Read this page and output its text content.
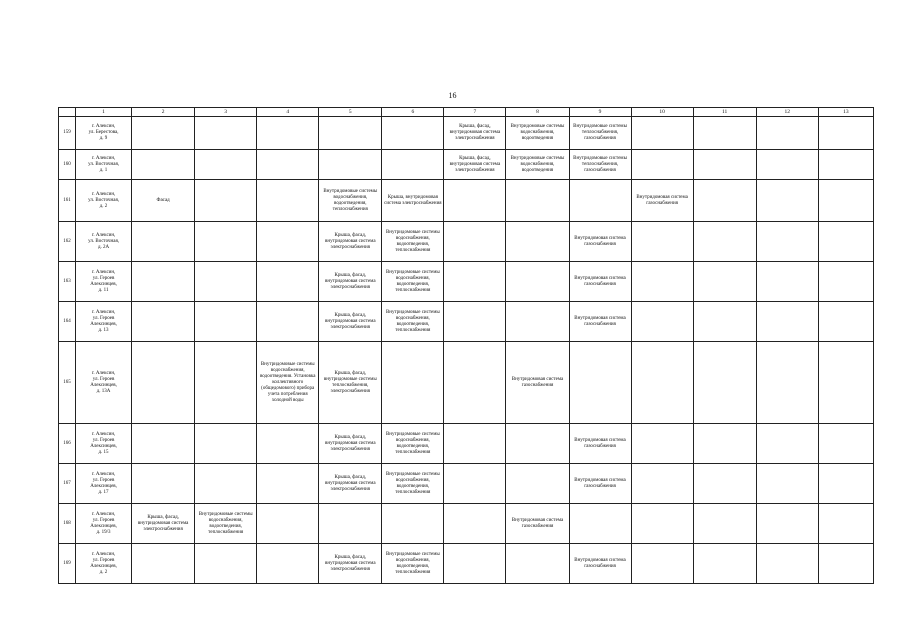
16
	1	2	3	4	5	6	7	8	9	10	11	12	13
159	г. Алексин,
ул. Берестова,
д. 9						Крыша, фасад, внутридомовая система электроснабжения	Внутридомовые системы водоснабжения, водоотведения	Внутридомовые системы теплоснабжения, газоснабжения				
160	г. Алексин,
ул. Восточная,
д. 1						Крыша, фасад, внутридомовая система электроснабжения	Внутридомовые системы водоснабжения, водоотведения	Внутридомовые системы теплоснабжения, газоснабжения				
161	г. Алексин,
ул. Восточная,
д. 2	Фасад			Внутридомовые системы водоснабжения, водоотведения, теплоснабжения	Крыша, внутридомовая система электроснабжения				Внутридомовая система газоснабжения			
162	г. Алексин,
ул. Восточная,
д. 2А				Крыша, фасад, внутридомовая система электроснабжения	Внутридомовые системы водоснабжения, водоотведения, теплоснабжения			Внутридомовая система газоснабжения				
163	г. Алексин,
ул. Героев
Алексинцев,
д. 11				Крыша, фасад, внутридомовая система электроснабжения	Внутридомовые системы водоснабжения, водоотведения, теплоснабжения			Внутридомовая система газоснабжения				
164	г. Алексин,
ул. Героев
Алексинцев,
д. 13				Крыша, фасад, внутридомовая система электроснабжения	Внутридомовые системы водоснабжения, водоотведения, теплоснабжения			Внутридомовая система газоснабжения				
165	г. Алексин,
ул. Героев
Алексинцев,
д. 13А			Внутридомовые системы водоснабжения, водоотведения. Установка коллективного (общедомового) прибора учета потребления холодной воды	Крыша, фасад, внутридомовые системы теплоснабжения, электроснабжения			Внутридомовая система газоснабжения					
166	г. Алексин,
ул. Героев
Алексинцев,
д. 15				Крыша, фасад, внутридомовая система электроснабжения	Внутридомовые системы водоснабжения, водоотведения, теплоснабжения			Внутридомовая система газоснабжения				
167	г. Алексин,
ул. Героев
Алексинцев,
д. 17				Крыша, фасад, внутридомовая система электроснабжения	Внутридомовые системы водоснабжения, водоотведения, теплоснабжения			Внутридомовая система газоснабжения				
168	г. Алексин,
ул. Героев
Алексинцев,
д. 19/3	Крыша, фасад, внутридомовая система электроснабжения	Внутридомовые системы водоснабжения, водоотведения, теплоснабжения					Внутридомовая система газоснабжения					
169	г. Алексин,
ул. Героев
Алексинцев,
д. 2				Крыша, фасад, внутридомовая система электроснабжения	Внутридомовые системы водоснабжения, водоотведения, теплоснабжения			Внутридомовая система газоснабжения				
